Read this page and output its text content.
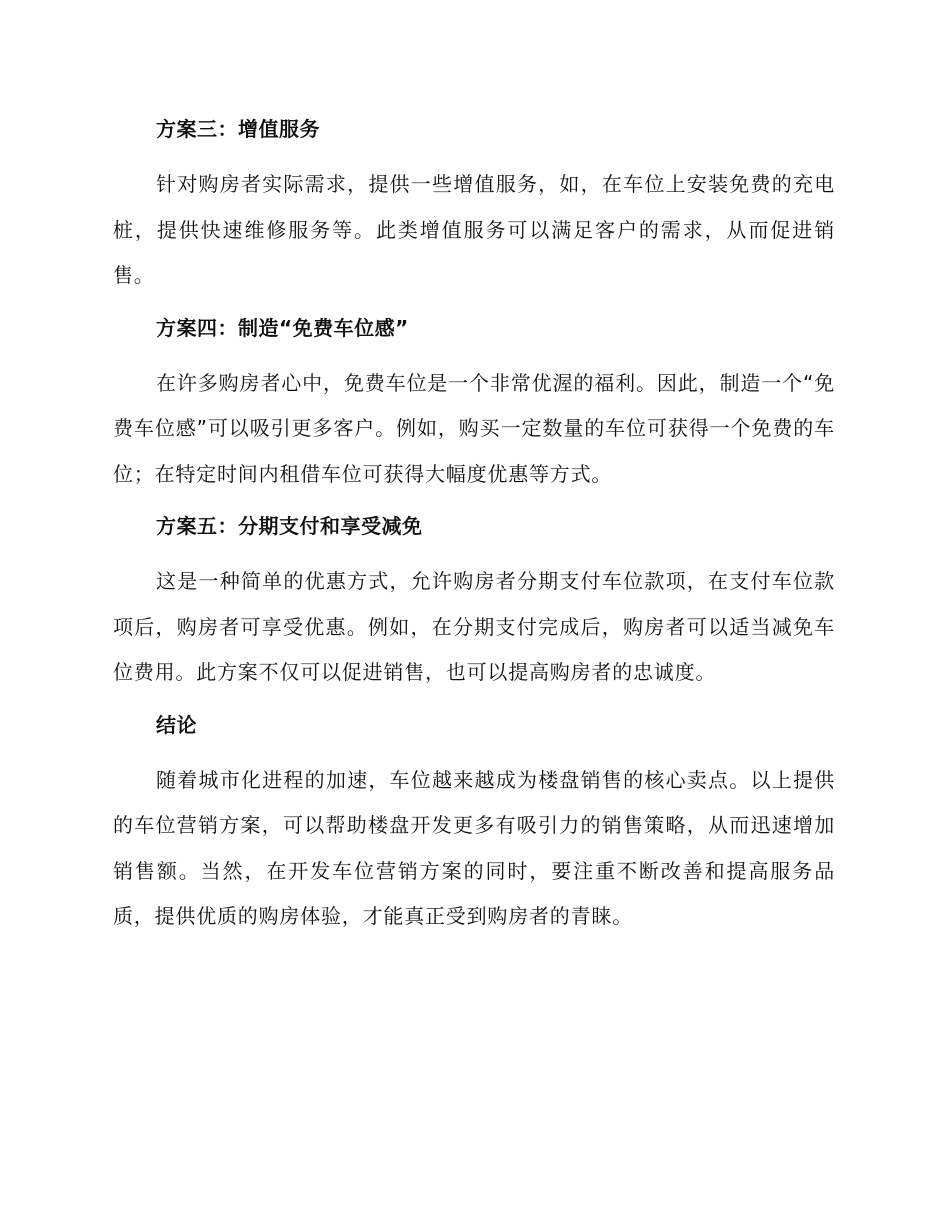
方案三：增值服务

针对购房者实际需求，提供一些增值服务，如，在车位上安装免费的充电桩，提供快速维修服务等。此类增值服务可以满足客户的需求，从而促进销售。

方案四：制造“免费车位感”

在许多购房者心中，免费车位是一个非常优渥的福利。因此，制造一个“免费车位感”可以吸引更多客户。例如，购买一定数量的车位可获得一个免费的车位；在特定时间内租借车位可获得大幅度优惠等方式。

方案五：分期支付和享受减免

这是一种简单的优惠方式，允许购房者分期支付车位款项，在支付车位款项后，购房者可享受优惠。例如，在分期支付完成后，购房者可以适当减免车位费用。此方案不仅可以促进销售，也可以提高购房者的忠诚度。

结论

随着城市化进程的加速，车位越来越成为楼盘销售的核心卖点。以上提供的车位营销方案，可以帮助楼盘开发更多有吸引力的销售策略，从而迅速增加销售额。当然，在开发车位营销方案的同时，要注重不断改善和提高服务品质，提供优质的购房体验，才能真正受到购房者的青睐。
